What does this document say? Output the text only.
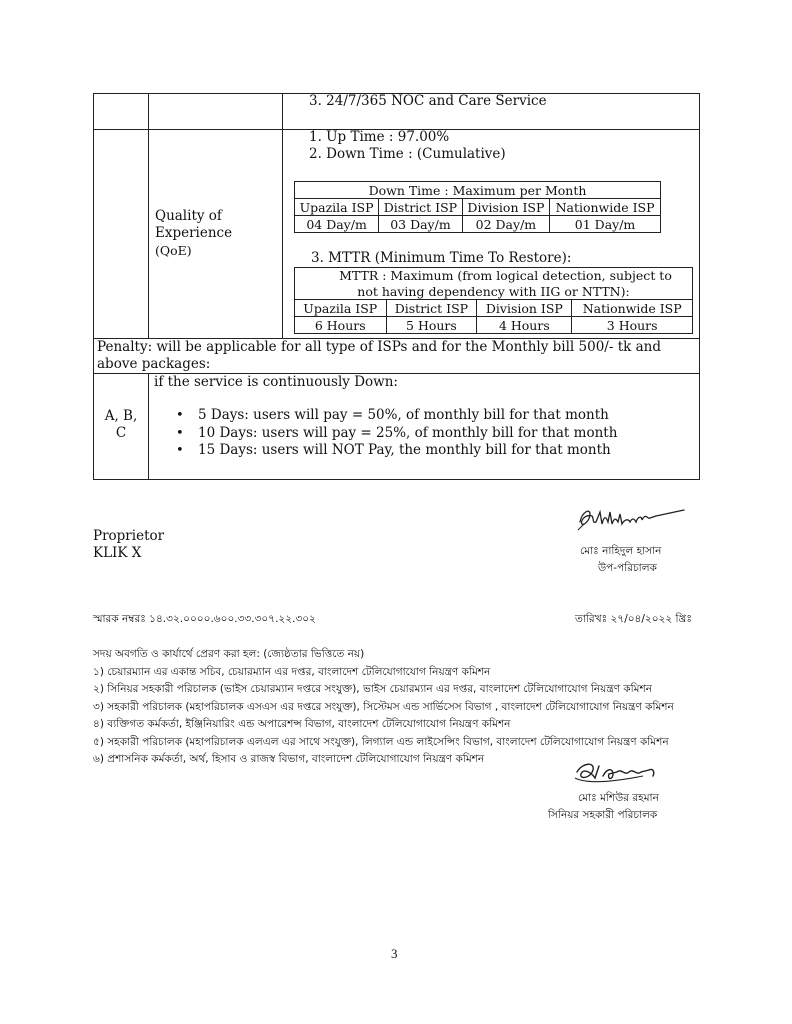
3. 24/7/365 NOC and Care Service
Quality of
Experience
(QoE)
1. Up Time : 97.00%
2. Down Time : (Cumulative)
Down Time : Maximum per Month			
Upazila ISP	District ISP	Division ISP	Nationwide ISP
04 Day/m	03 Day/m	02 Day/m	01 Day/m
3. MTTR (Minimum Time To Restore):
MTTR : Maximum (from logical detection, subject to
not having dependency with IIG or NTTN):			

Upazila ISP	District ISP	Division ISP	Nationwide ISP
6 Hours	5 Hours	4 Hours	3 Hours
Penalty: will be applicable for all type of ISPs and for the Monthly bill 500/- tk and
above packages:
A, B,
C
if the service is continuously Down:
• 5 Days: users will pay = 50%, of monthly bill for that month
• 10 Days: users will pay = 25%, of monthly bill for that month
• 15 Days: users will NOT Pay, the monthly bill for that month
Proprietor
KLIK X	মোঃ নাহিদুল হাসান
উপ-পরিচালক
স্মারক নম্বরঃ ১৪.৩২.০০০০.৬০০.৩৩.৩০৭.২২.৩০২	তারিখঃ ২৭/০৪/২০২২ খ্রিঃ
সদয় অবগতি ও কার্যার্থে প্রেরণ করা হল: (জ্যেষ্ঠতার ভিত্তিতে নয়)
১) চেয়ারম্যান এর একান্ত সচিব, চেয়ারম্যান এর দপ্তর, বাংলাদেশ টেলিযোগাযোগ নিয়ন্ত্রণ কমিশন
২) সিনিয়র সহকারী পরিচালক (ভাইস চেয়ারম্যান দপ্তরে সংযুক্ত), ভাইস চেয়ারম্যান এর দপ্তর, বাংলাদেশ টেলিযোগাযোগ নিয়ন্ত্রণ কমিশন
৩) সহকারী পরিচালক (মহাপরিচালক এসএস এর দপ্তরে সংযুক্ত), সিস্টেমস এন্ড সার্ভিসেস বিভাগ , বাংলাদেশ টেলিযোগাযোগ নিয়ন্ত্রণ কমিশন
৪) ব্যক্তিগত কর্মকর্তা, ইঞ্জিনিয়ারিং এন্ড অপারেশন্স বিভাগ, বাংলাদেশ টেলিযোগাযোগ নিয়ন্ত্রণ কমিশন
৫) সহকারী পরিচালক (মহাপরিচালক এলএল এর সাথে সংযুক্ত), লিগ্যাল এন্ড লাইসেন্সিং বিভাগ, বাংলাদেশ টেলিযোগাযোগ নিয়ন্ত্রণ কমিশন
৬) প্রশাসনিক কর্মকর্তা, অর্থ, হিসাব ও রাজস্ব বিভাগ, বাংলাদেশ টেলিযোগাযোগ নিয়ন্ত্রণ কমিশন
মোঃ মশিউর রহমান
সিনিয়র সহকারী পরিচালক
3
